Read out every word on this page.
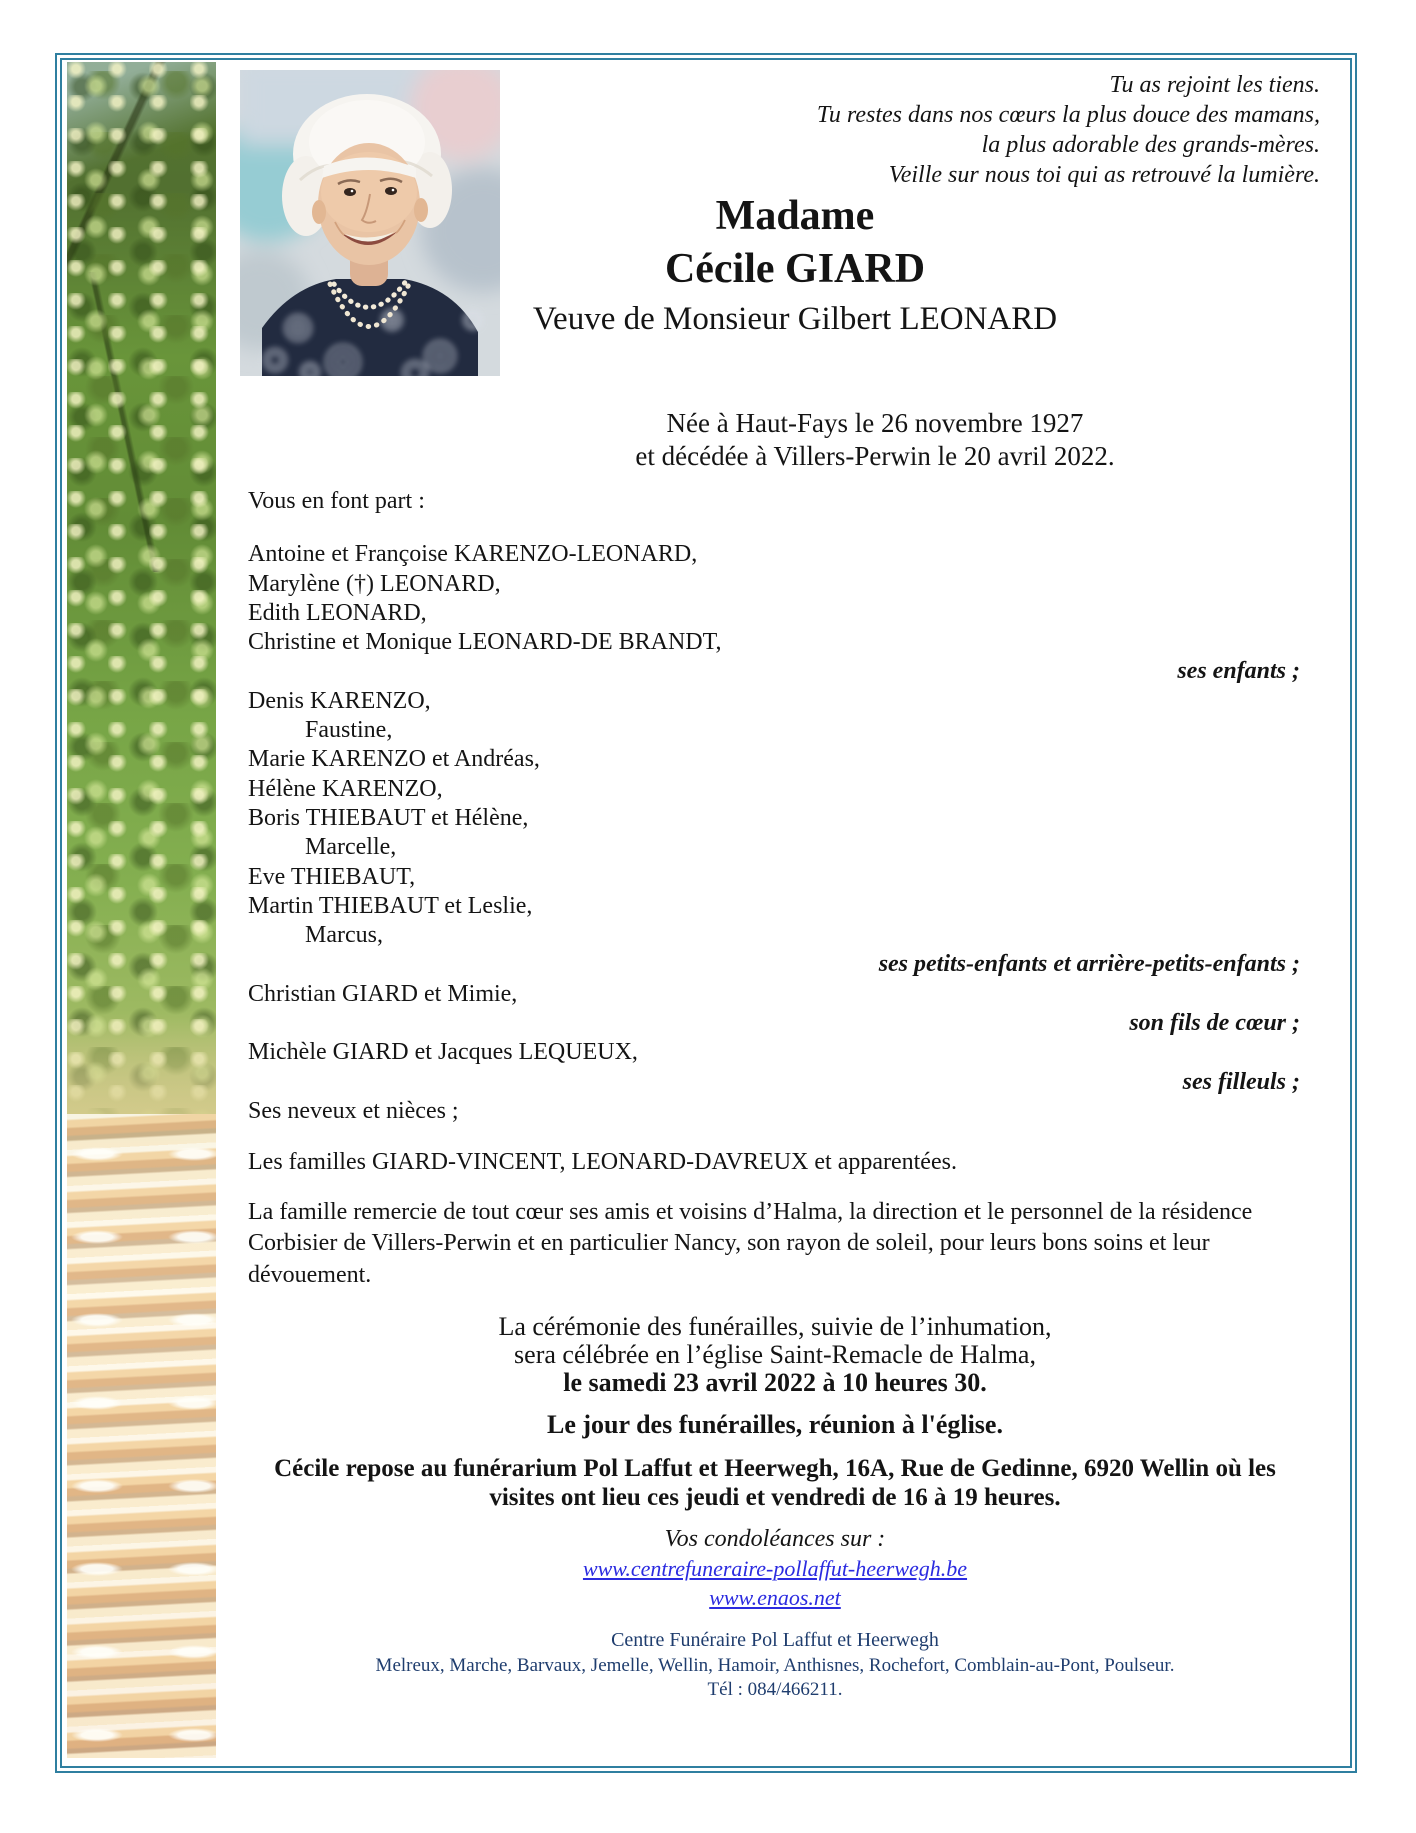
Tu as rejoint les tiens.
Tu restes dans nos cœurs la plus douce des mamans,
la plus adorable des grands-mères.
Veille sur nous toi qui as retrouvé la lumière.
Madame
Cécile GIARD
Veuve de Monsieur Gilbert LEONARD
Née à Haut-Fays le 26 novembre 1927
et décédée à Villers-Perwin le 20 avril 2022.
Vous en font part :
Antoine et Françoise KARENZO-LEONARD,
Marylène (†) LEONARD,
Edith LEONARD,
Christine et Monique LEONARD-DE BRANDT,
ses enfants ;
Denis KARENZO,
Faustine,
Marie KARENZO et Andréas,
Hélène KARENZO,
Boris THIEBAUT et Hélène,
Marcelle,
Eve THIEBAUT,
Martin THIEBAUT et Leslie,
Marcus,
ses petits-enfants et arrière-petits-enfants ;
Christian GIARD et Mimie,
son fils de cœur ;
Michèle GIARD et Jacques LEQUEUX,
ses filleuls ;
Ses neveux et nièces ;
Les familles GIARD-VINCENT, LEONARD-DAVREUX et apparentées.
La famille remercie de tout cœur ses amis et voisins d’Halma, la direction et le personnel de la résidence Corbisier de Villers-Perwin et en particulier Nancy, son rayon de soleil, pour leurs bons soins et leur dévouement.
La cérémonie des funérailles, suivie de l’inhumation,
sera célébrée en l’église Saint-Remacle de Halma,
le samedi 23 avril 2022 à 10 heures 30.
Le jour des funérailles, réunion à l'église.
Cécile repose au funérarium Pol Laffut et Heerwegh, 16A, Rue de Gedinne, 6920 Wellin où les visites ont lieu ces jeudi et vendredi de 16 à 19 heures.
Vos condoléances sur :
www.centrefuneraire-pollaffut-heerwegh.be
www.enaos.net
Centre Funéraire Pol Laffut et Heerwegh
Melreux, Marche, Barvaux, Jemelle, Wellin, Hamoir, Anthisnes, Rochefort, Comblain-au-Pont, Poulseur.
Tél : 084/466211.
